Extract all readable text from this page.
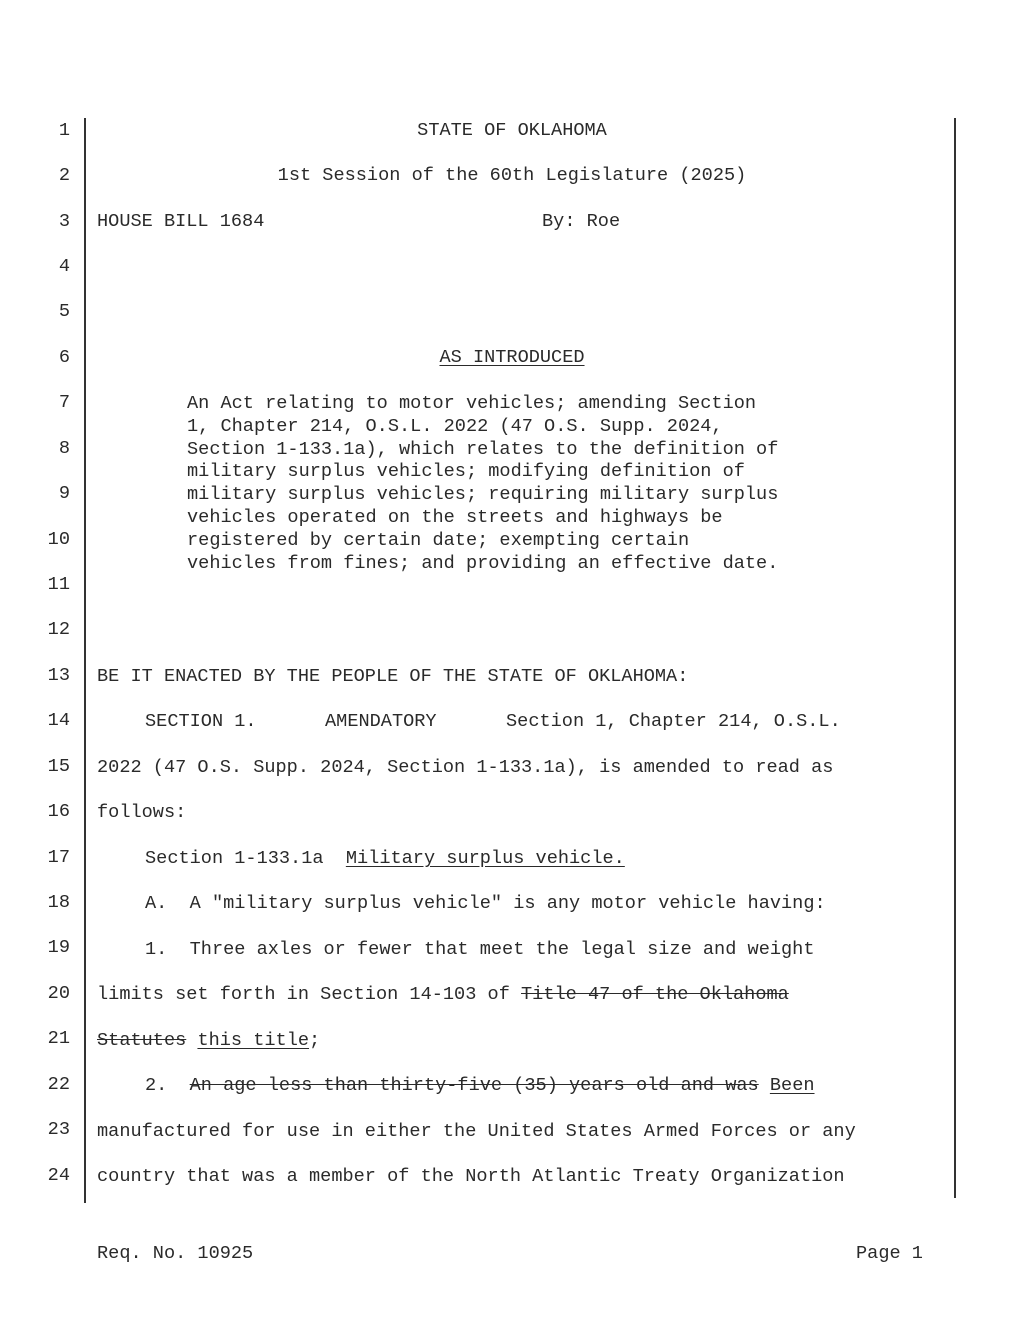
1
2
3
4
5
6
7
8
9
10
11
12
13
14
15
16
17
18
19
20
21
22
23
24
STATE OF OKLAHOMA
1st Session of the 60th Legislature (2025)
HOUSE BILL 1684	By: Roe
AS INTRODUCED
An Act relating to motor vehicles; amending Section
1, Chapter 214, O.S.L. 2022 (47 O.S. Supp. 2024,
Section 1-133.1a), which relates to the definition of
military surplus vehicles; modifying definition of
military surplus vehicles; requiring military surplus
vehicles operated on the streets and highways be
registered by certain date; exempting certain
vehicles from fines; and providing an effective date.
BE IT ENACTED BY THE PEOPLE OF THE STATE OF OKLAHOMA:
SECTION 1.	AMENDATORY	Section 1, Chapter 214, O.S.L.
2022 (47 O.S. Supp. 2024, Section 1-133.1a), is amended to read as
follows:
Section 1-133.1a Military surplus vehicle.
A.  A "military surplus vehicle" is any motor vehicle having:
1.  Three axles or fewer that meet the legal size and weight
limits set forth in Section 14-103 of Title 47 of the Oklahoma
Statutes this title;
2.  An age less than thirty-five (35) years old and was Been
manufactured for use in either the United States Armed Forces or any
country that was a member of the North Atlantic Treaty Organization
Req. No. 10925	Page 1
